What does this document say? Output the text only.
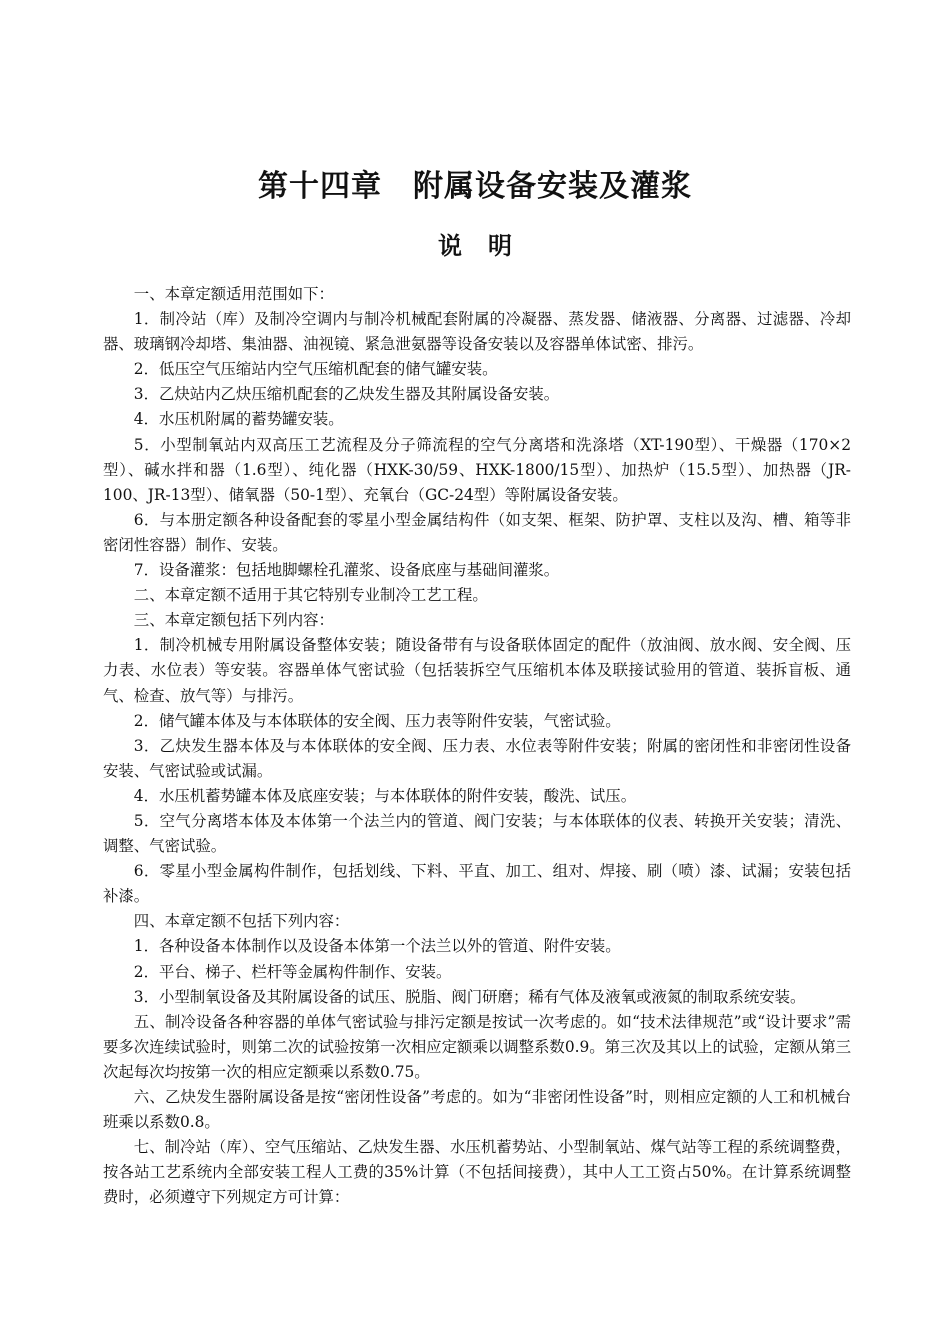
第十四章　 附属设备安装及灌浆
说 明

一、本章定额适用范围如下：

1．制冷站（库）及制冷空调内与制冷机械配套附属的冷凝器、蒸发器、储液器、分离器、过滤器、冷却器、玻璃钢冷却塔、集油器、油视镜、紧急泄氨器等设备安装以及容器单体试密、排污。

2．低压空气压缩站内空气压缩机配套的储气罐安装。

3．乙炔站内乙炔压缩机配套的乙炔发生器及其附属设备安装。

4．水压机附属的蓄势罐安装。

5．小型制氧站内双高压工艺流程及分子筛流程的空气分离塔和洗涤塔（XT-190型）、干燥器（170×2型）、碱水拌和器（1.6型）、纯化器（HXK-30/59、HXK-1800/15型）、加热炉（15.5型）、加热器（JR-100、JR-13型）、储氧器（50-1型）、充氧台（GC-24型）等附属设备安装。

6．与本册定额各种设备配套的零星小型金属结构件（如支架、框架、防护罩、支柱以及沟、槽、箱等非密闭性容器）制作、安装。

7．设备灌浆：包括地脚螺栓孔灌浆、设备底座与基础间灌浆。

二、本章定额不适用于其它特别专业制冷工艺工程。

三、本章定额包括下列内容：

1．制冷机械专用附属设备整体安装；随设备带有与设备联体固定的配件（放油阀、放水阀、安全阀、压力表、水位表）等安装。容器单体气密试验（包括装拆空气压缩机本体及联接试验用的管道、装拆盲板、通气、检查、放气等）与排污。

2．储气罐本体及与本体联体的安全阀、压力表等附件安装，气密试验。

3．乙炔发生器本体及与本体联体的安全阀、压力表、水位表等附件安装；附属的密闭性和非密闭性设备安装、气密试验或试漏。

4．水压机蓄势罐本体及底座安装；与本体联体的附件安装，酸洗、试压。

5．空气分离塔本体及本体第一个法兰内的管道、阀门安装；与本体联体的仪表、转换开关安装；清洗、调整、气密试验。

6．零星小型金属构件制作，包括划线、下料、平直、加工、组对、焊接、刷（喷）漆、试漏；安装包括补漆。

四、本章定额不包括下列内容：

1．各种设备本体制作以及设备本体第一个法兰以外的管道、附件安装。

2．平台、梯子、栏杆等金属构件制作、安装。

3．小型制氧设备及其附属设备的试压、脱脂、阀门研磨；稀有气体及液氧或液氮的制取系统安装。

五、制冷设备各种容器的单体气密试验与排污定额是按试一次考虑的。如“技术法律规范”或“设计要求”需要多次连续试验时，则第二次的试验按第一次相应定额乘以调整系数0.9。第三次及其以上的试验，定额从第三次起每次均按第一次的相应定额乘以系数0.75。

六、乙炔发生器附属设备是按“密闭性设备”考虑的。如为“非密闭性设备”时，则相应定额的人工和机械台班乘以系数0.8。

七、制冷站（库）、空气压缩站、乙炔发生器、水压机蓄势站、小型制氧站、煤气站等工程的系统调整费，按各站工艺系统内全部安装工程人工费的35%计算（不包括间接费），其中人工工资占50%。在计算系统调整费时，必须遵守下列规定方可计算：
